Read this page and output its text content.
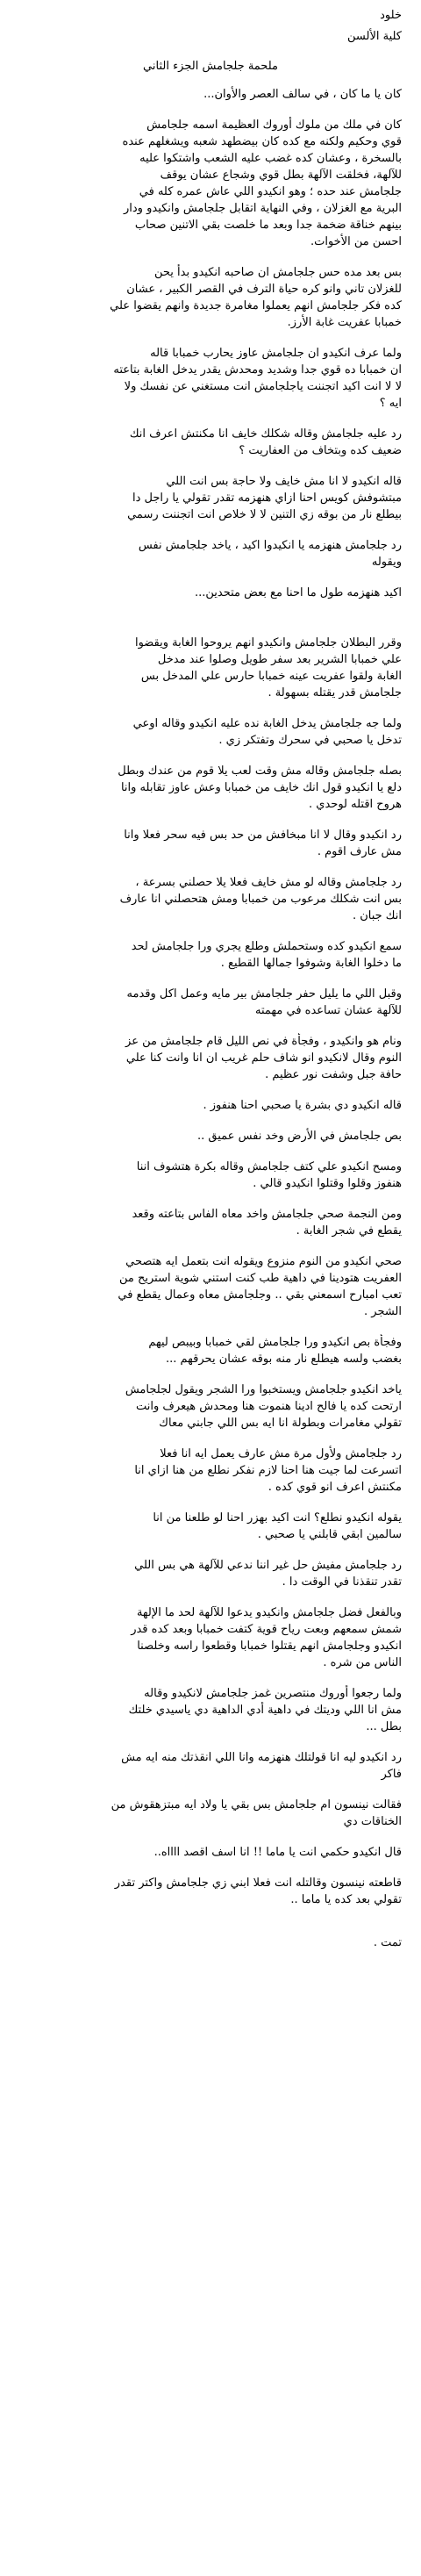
خلود
كلية الألسن
ملحمة جلجامش الجزء الثاني
كان يا ما كان ، في سالف العصر والأوان...
كان في ملك من ملوك أوروك العظيمة اسمه جلجامش
قوي وحكيم ولكنه مع كده كان بيضطهد شعبه ويشغلهم عنده
بالسخرة ، وعشان كده غضب عليه الشعب واشتكوا عليه
للآلهة، فخلقت الآلهة بطل قوي وشجاع عشان يوقف
جلجامش عند حده ؛ وهو انكيدو اللي عاش عمره كله في
البرية مع الغزلان ، وفي النهاية اتقابل جلجامش وانكيدو ودار
بينهم خناقة ضخمة جدا وبعد ما خلصت بقي الاتنين صحاب
احسن من الأخوات.
بس بعد مده حس جلجامش ان صاحبه انكيدو بدأ يحن
للغزلان تاني وانو كره حياة الترف في القصر الكبير ، عشان
كده فكر جلجامش انهم يعملوا مغامرة جديدة وانهم يقضوا علي
خمبابا عفريت غابة الأرز.
ولما عرف انكيدو ان جلجامش عاوز يحارب خمبابا قاله
ان خمبابا ده قوي جدا وشديد ومحدش يقدر يدخل الغابة بتاعته
لا لا انت اكيد اتجننت ياجلجامش انت مستغني عن نفسك ولا
ايه ؟
رد عليه جلجامش وقاله شكلك خايف انا مكنتش اعرف انك
ضعيف كده وبتخاف من العفاريت ؟
قاله انكيدو لا انا مش خايف ولا حاجة بس انت اللي
مبتشوفش كويس احنا ازاي هنهزمه تقدر تقولي يا راجل دا
بيطلع نار من بوقه زي التنين لا لا خلاص انت اتجننت رسمي
رد جلجامش هنهزمه يا انكيدوا اكيد ، ياخد جلجامش نفس
ويقوله
اكيد هنهزمه طول ما احنا مع بعض متحدين...
وقرر البطلان جلجامش وانكيدو انهم يروحوا الغابة ويقضوا
علي خمبابا الشرير بعد سفر طويل وصلوا عند مدخل
الغابة ولقوا عفريت عينه خمبابا حارس علي المدخل بس
جلجامش قدر يقتله بسهولة .
ولما جه جلجامش يدخل الغابة نده عليه انكيدو وقاله اوعي
تدخل يا صحبي في سحرك وتفتكر زي .
بصله جلجامش وقاله مش وقت لعب يلا قوم من عندك وبطل
دلع يا انكيدو قول انك خايف من خمبابا وعش عاوز تقابله وانا
هروح اقتله لوحدي .
رد انكيدو وقال لا انا مبخافش من حد بس فيه سحر فعلا وانا
مش عارف اقوم .
رد جلجامش وقاله لو مش خايف فعلا يلا حصلني بسرعة ،
بس انت شكلك مرعوب من خمبابا ومش هتحصلني انا عارف
انك جبان .
سمع انكيدو كده وستحملش وطلع يجري ورا جلجامش لحد
ما دخلوا الغابة وشوفوا جمالها القطيع .
وقبل اللي ما يليل حفر جلجامش بير مايه وعمل اكل وقدمه
للآلهة عشان تساعده في مهمته
ونام هو وانكيدو ، وفجأة في نص الليل قام جلجامش من عز
النوم وقال لانكيدو انو شاف حلم غريب ان انا وانت كنا علي
حافة جبل وشفت نور عظيم .
قاله انكيدو دي بشرة يا صحبي احنا هنفوز .
بص جلجامش في الأرض وخد نفس عميق ..
ومسح انكيدو علي كتف جلجامش وقاله بكرة هتشوف اننا
هنفوز وقلوا وقتلوا انكيدو قالي .
ومن النجمة صحي جلجامش واخد معاه الفاس بتاعته وقعد
يقطع في شجر الغابة .
صحي انكيدو من النوم منزوع ويقوله انت بتعمل ايه هتصحي
العفريت هتودينا في داهية طب كنت استني شوية استريح من
تعب امبارح اسمعني بقي .. وجلجامش معاه وعمال يقطع في
الشجر .
وفجأة بص انكيدو ورا جلجامش لقي خمبابا وبيبص ليهم
بغضب ولسه هيطلع نار منه بوقه عشان يحرقهم ...
ياخد انكيدو جلجامش ويستخبوا ورا الشجر ويقول لجلجامش
ارتحت كده يا فالح ادينا هنموت هنا ومحدش هيعرف وانت
تقولي مغامرات وبطولة انا ايه بس اللي جابني معاك
رد جلجامش ولأول مرة مش عارف يعمل ايه انا فعلا
اتسرعت لما جيت هنا احنا لازم نفكر نطلع من هنا ازاي انا
مكنتش اعرف انو قوي كده .
يقوله انكيدو نطلع؟ انت اكيد بهزر احنا لو طلعنا من انا
سالمين ابقي قابلني يا صحبي .
رد جلجامش مفيش حل غير اننا ندعي للآلهة هي بس اللي
تقدر تنقذنا في الوقت دا .
وبالفعل فضل جلجامش وانكيدو يدعوا للآلهة لحد ما الإلهة
شمش سمعهم وبعت رياح قوية كتفت خمبابا وبعد كده قدر
انكيدو وجلجامش انهم يقتلوا خمبابا وقطعوا راسه وخلصنا
الناس من شره .
ولما رجعوا أوروك منتصرين غمز جلجامش لانكيدو وقاله
مش انا اللي وديتك في داهية أدي الداهية دي ياسيدي خلتك
بطل ...
رد انكيدو ليه انا قولتلك هنهزمه وانا اللي انقذتك منه ايه مش
فاكر
فقالت نينسون ام جلجامش بس بقي يا ولاد ايه مبتزهقوش من
الخناقات دي
قال انكيدو حكمي انت يا ماما !! انا اسف اقصد ااااه..
قاطعته نينسون وقالتله انت فعلا ابني زي جلجامش واكتر تقدر
تقولي بعد كده يا ماما ..
تمت .
